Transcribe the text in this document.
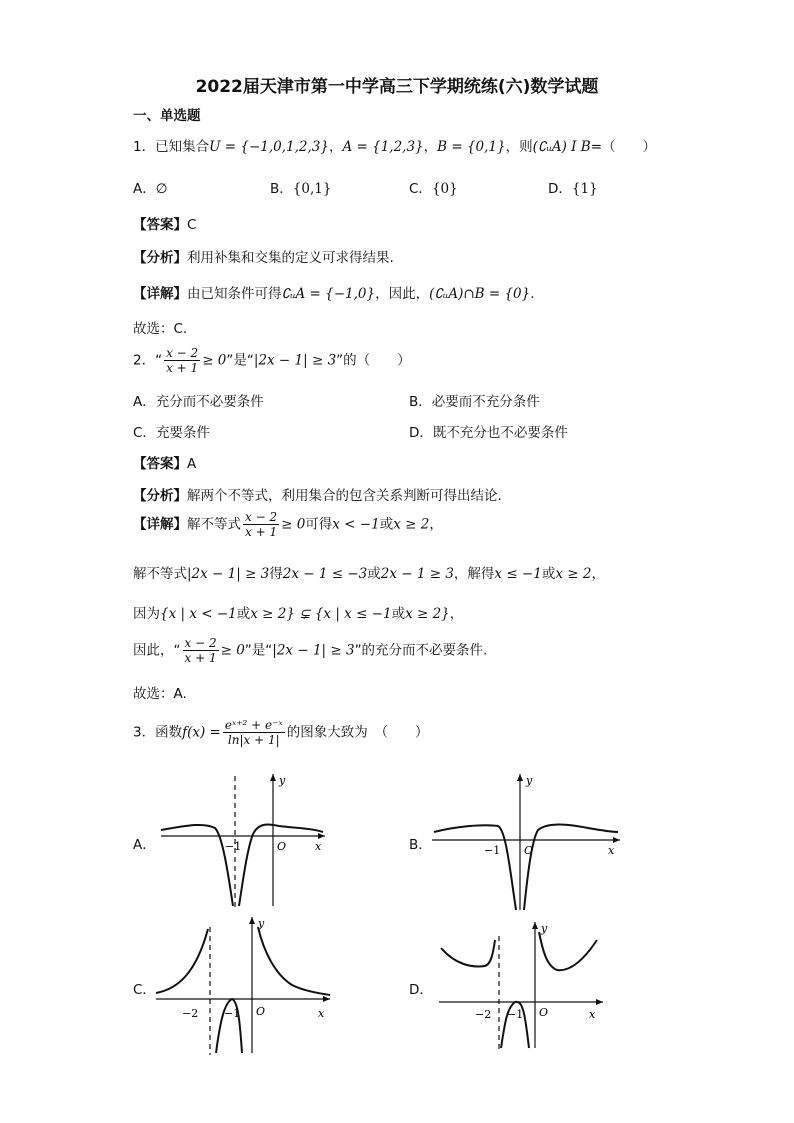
2022届天津市第一中学高三下学期统练(六)数学试题
一、单选题
1．已知集合U = {−1,0,1,2,3}，A = {1,2,3}，B = {0,1}，则(∁ᵤA) I B=（　　）
A．∅	B．{0,1}	C．{0}	D．{1}
【答案】C
【分析】利用补集和交集的定义可求得结果.
【详解】由已知条件可得∁ᵤA = {−1,0}，因此，(∁ᵤA)∩B = {0}.
故选：C.
2．“ $\frac{x - 2}{x + 1} \ge 0$”是“|2x − 1| ≥ 3”的（　　）
A．充分而不必要条件	B．必要而不充分条件
C．充要条件	D．既不充分也不必要条件
【答案】A
【分析】解两个不等式，利用集合的包含关系判断可得出结论.
【详解】解不等式 $\frac{x - 2}{x + 1} \ge 0$可得x < −1或x ≥ 2，
解不等式|2x − 1| ≥ 3得2x − 1 ≤ −3或2x − 1 ≥ 3，解得x ≤ −1或x ≥ 2，
因为{x | x < −1或x ≥ 2} ⊊ {x | x ≤ −1或x ≥ 2}，
因此，“ $\frac{x - 2}{x + 1} \ge 0$”是“|2x − 1| ≥ 3”的充分而不必要条件.
故选：A.
3．函数$f(x) = \frac{\text{eˣ⁺² + e⁻ˣ}}{\ln|x + 1|}$ 的图象大致为　（　　）
A．	x
y
O
−1	B．	x
y
O
−1
C．
x
y
O
−1
−2
D．
x
y
O
−1
−2
